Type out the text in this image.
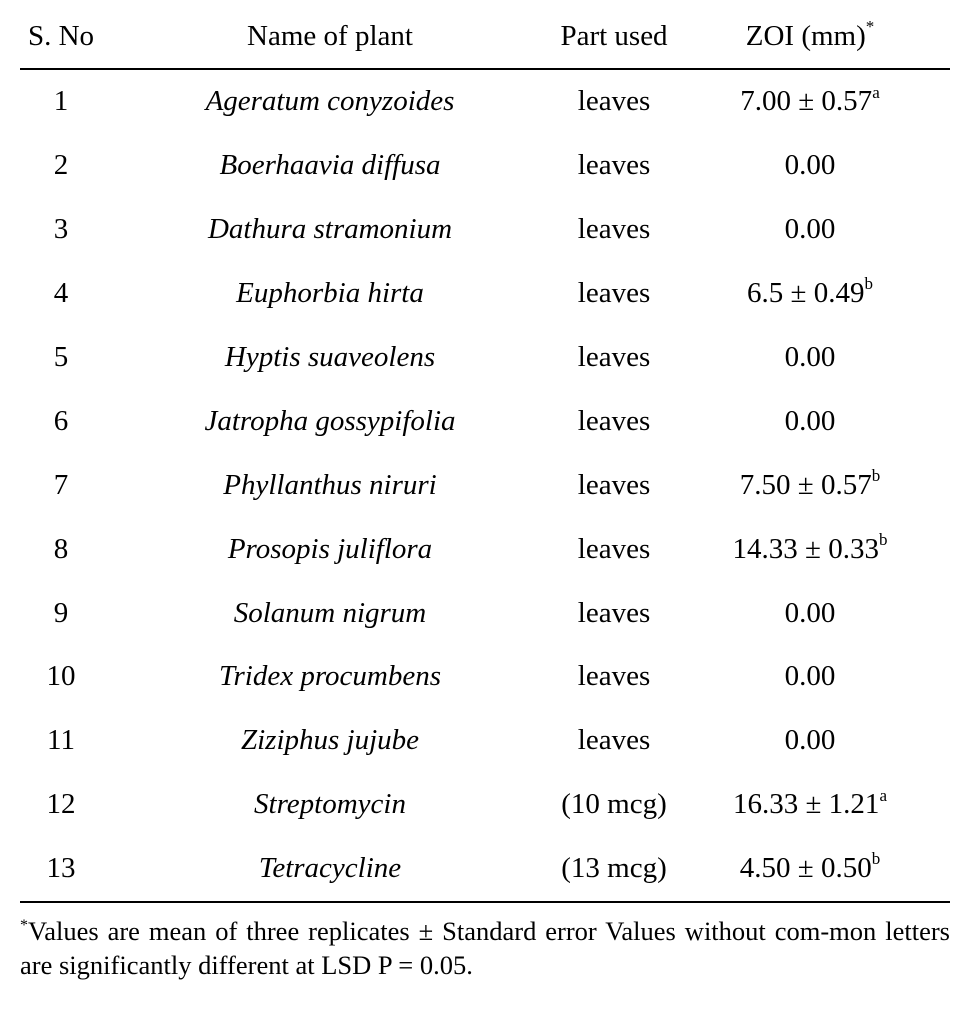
S. No	Name of plant	Part used	ZOI (mm)*
1	Ageratum conyzoides	leaves	7.00 ± 0.57$^a$
2	Boerhaavia diffusa	leaves	0.00
3	Dathura stramonium	leaves	0.00
4	Euphorbia hirta	leaves	6.5 ± 0.49$^b$
5	Hyptis suaveolens	leaves	0.00
6	Jatropha gossypifolia	leaves	0.00
7	Phyllanthus niruri	leaves	7.50 ± 0.57$^b$
8	Prosopis juliflora	leaves	14.33 ± 0.33$^b$
9	Solanum nigrum	leaves	0.00
10	Tridex procumbens	leaves	0.00
11	Ziziphus jujube	leaves	0.00
12	Streptomycin	(10 mcg)	16.33 ± 1.21$^a$
13	Tetracycline	(13 mcg)	4.50 ± 0.50$^b$
*Values are mean of three replicates ± Standard error Values without com-mon letters are significantly different at LSD P = 0.05.
